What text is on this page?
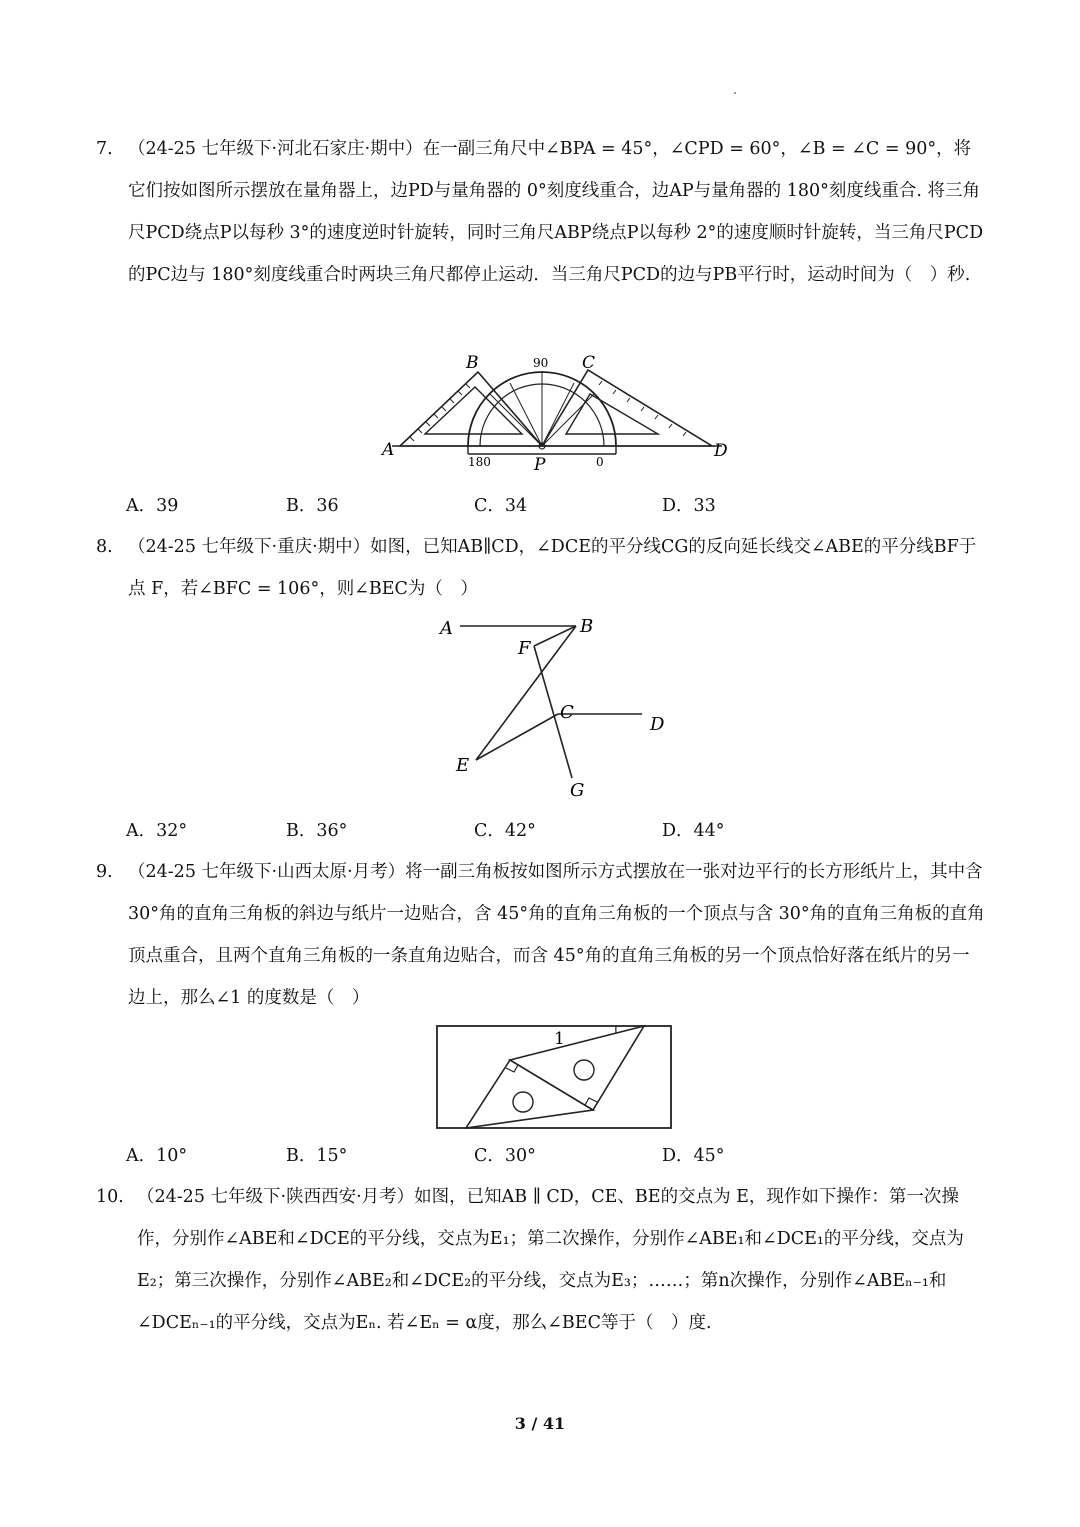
7. （24-25 七年级下·河北石家庄·期中）在一副三角尺中∠BPA = 45°，∠CPD = 60°，∠B = ∠C = 90°，将它们按如图所示摆放在量角器上，边PD与量角器的 0°刻度线重合，边AP与量角器的 180°刻度线重合. 将三角尺PCD绕点P以每秒 3°的速度逆时针旋转，同时三角尺ABP绕点P以每秒 2°的速度顺时针旋转，当三角尺PCD的PC边与 180°刻度线重合时两块三角尺都停止运动．当三角尺PCD的边与PB平行时，运动时间为（　）秒.
A
B	C
D
P
90
180	0
A．39	B．36	C．34	D．33
8. （24-25 七年级下·重庆·期中）如图，已知AB∥CD，∠DCE的平分线CG的反向延长线交∠ABE的平分线BF于点 F，若∠BFC = 106°，则∠BEC为（　）
A	B
F
C
D
E
G
A．32°	B．36°	C．42°	D．44°
9. （24-25 七年级下·山西太原·月考）将一副三角板按如图所示方式摆放在一张对边平行的长方形纸片上，其中含 30°角的直角三角板的斜边与纸片一边贴合，含 45°角的直角三角板的一个顶点与含 30°角的直角三角板的直角顶点重合，且两个直角三角板的一条直角边贴合，而含 45°角的直角三角板的另一个顶点恰好落在纸片的另一边上，那么∠1 的度数是（　）
1
A．10°	B．15°	C．30°	D．45°
10. （24-25 七年级下·陕西西安·月考）如图，已知AB ∥ CD，CE、BE的交点为 E，现作如下操作：第一次操作，分别作∠ABE和∠DCE的平分线，交点为E₁；第二次操作，分别作∠ABE₁和∠DCE₁的平分线，交点为E₂；第三次操作，分别作∠ABE₂和∠DCE₂的平分线，交点为E₃；……；第n次操作，分别作∠ABEₙ₋₁和∠DCEₙ₋₁的平分线，交点为Eₙ. 若∠Eₙ = α度，那么∠BEC等于（　）度.
3 / 41
